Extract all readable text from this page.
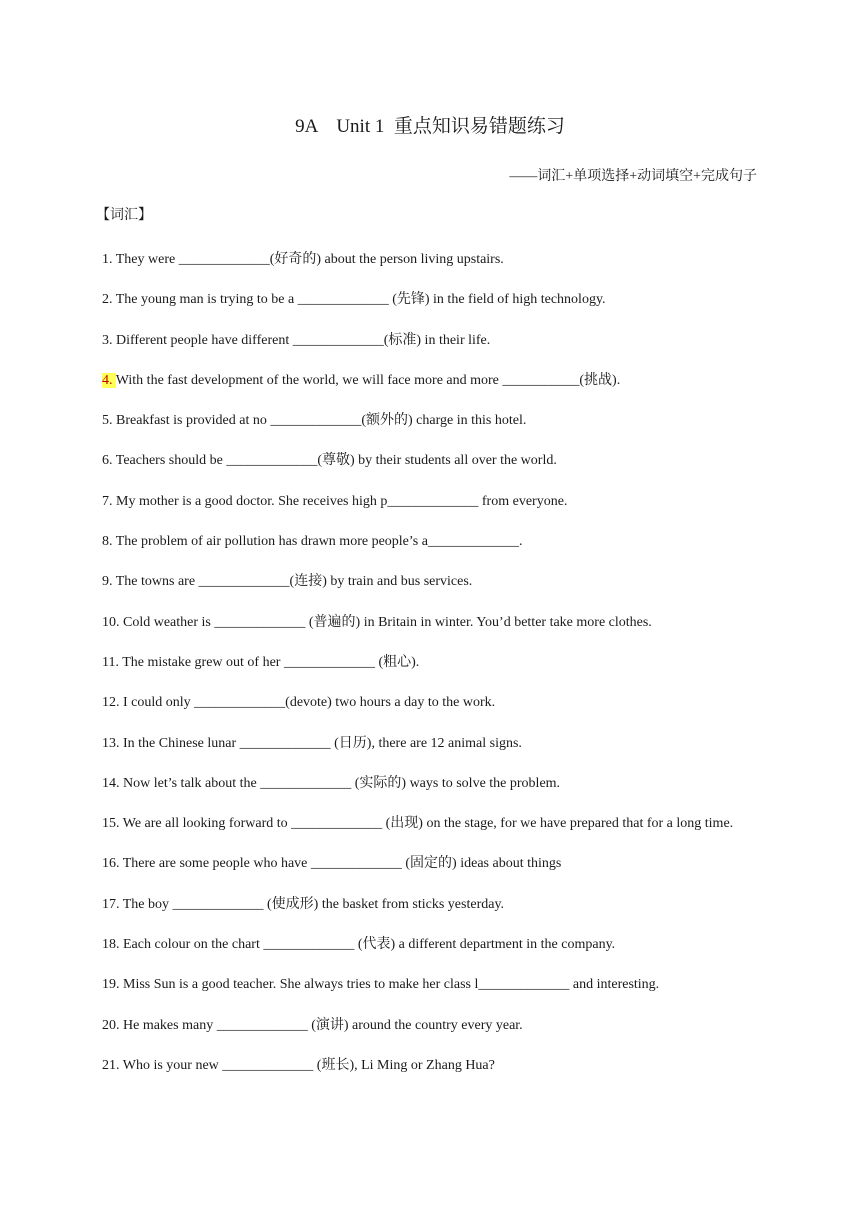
9A    Unit 1  重点知识易错题练习
——词汇+单项选择+动词填空+完成句子
【词汇】
1. They were _____________(好奇的) about the person living upstairs.
2. The young man is trying to be a _____________ (先锋) in the field of high technology.
3. Different people have different _____________(标准) in their life.
4. With the fast development of the world, we will face more and more ___________(挑战).
5. Breakfast is provided at no _____________(额外的) charge in this hotel.
6. Teachers should be _____________(尊敬) by their students all over the world.
7. My mother is a good doctor. She receives high p_____________ from everyone.
8. The problem of air pollution has drawn more people’s a_____________.
9. The towns are _____________(连接) by train and bus services.
10. Cold weather is _____________ (普遍的) in Britain in winter. You’d better take more clothes.
11. The mistake grew out of her _____________ (粗心).
12. I could only _____________(devote) two hours a day to the work.
13. In the Chinese lunar _____________ (日历), there are 12 animal signs.
14. Now let’s talk about the _____________ (实际的) ways to solve the problem.
15. We are all looking forward to _____________ (出现) on the stage, for we have prepared that for a long time.
16. There are some people who have _____________ (固定的) ideas about things
17. The boy _____________ (使成形) the basket from sticks yesterday.
18. Each colour on the chart _____________ (代表) a different department in the company.
19. Miss Sun is a good teacher. She always tries to make her class l_____________ and interesting.
20. He makes many _____________ (演讲) around the country every year.
21. Who is your new _____________ (班长), Li Ming or Zhang Hua?
